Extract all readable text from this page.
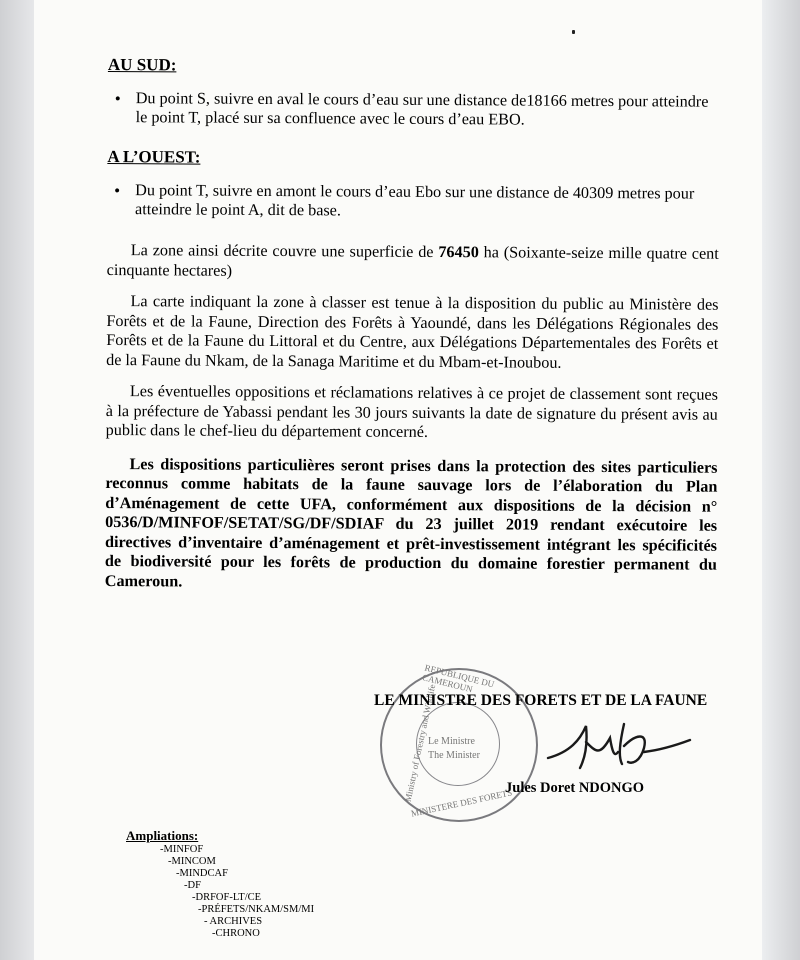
AU SUD:

• Du point S, suivre en aval le cours d’eau sur une distance de18166 metres pour atteindre le point T, placé sur sa confluence avec le cours d’eau EBO.

A L’OUEST:

• Du point T, suivre en amont le cours d’eau Ebo sur une distance de 40309 metres pour atteindre le point A, dit de base.

La zone ainsi décrite couvre une superficie de 76450 ha (Soixante-seize mille quatre cent cinquante hectares)

La carte indiquant la zone à classer est tenue à la disposition du public au Ministère des Forêts et de la Faune, Direction des Forêts à Yaoundé, dans les Délégations Régionales des Forêts et de la Faune du Littoral et du Centre, aux Délégations Départementales des Forêts et de la Faune du Nkam, de la Sanaga Maritime et du Mbam-et-Inoubou.

Les éventuelles oppositions et réclamations relatives à ce projet de classement sont reçues à la préfecture de Yabassi pendant les 30 jours suivants la date de signature du présent avis au public dans le chef-lieu du département concerné.

Les dispositions particulières seront prises dans la protection des sites particuliers reconnus comme habitats de la faune sauvage lors de l’élaboration du Plan d’Aménagement de cette UFA, conformément aux dispositions de la décision n° 0536/D/MINFOF/SETAT/SG/DF/SDIAF du 23 juillet 2019 rendant exécutoire les directives d’inventaire d’aménagement et prêt-investissement intégrant les spécificités de biodiversité pour les forêts de production du domaine forestier permanent du Cameroun.

REPUBLIQUE DU CAMEROUN
MINISTERE DES FORETS
Ministry of Forestry and Wildlife
Le Ministre
The Minister
LE MINISTRE DES FORETS ET DE LA FAUNE
Jules Doret NDONGO
Ampliations:
-MINFOF
-MINCOM
-MINDCAF
-DF
-DRFOF-LT/CE
-PRÉFETS/NKAM/SM/MI
- ARCHIVES
-CHRONO
